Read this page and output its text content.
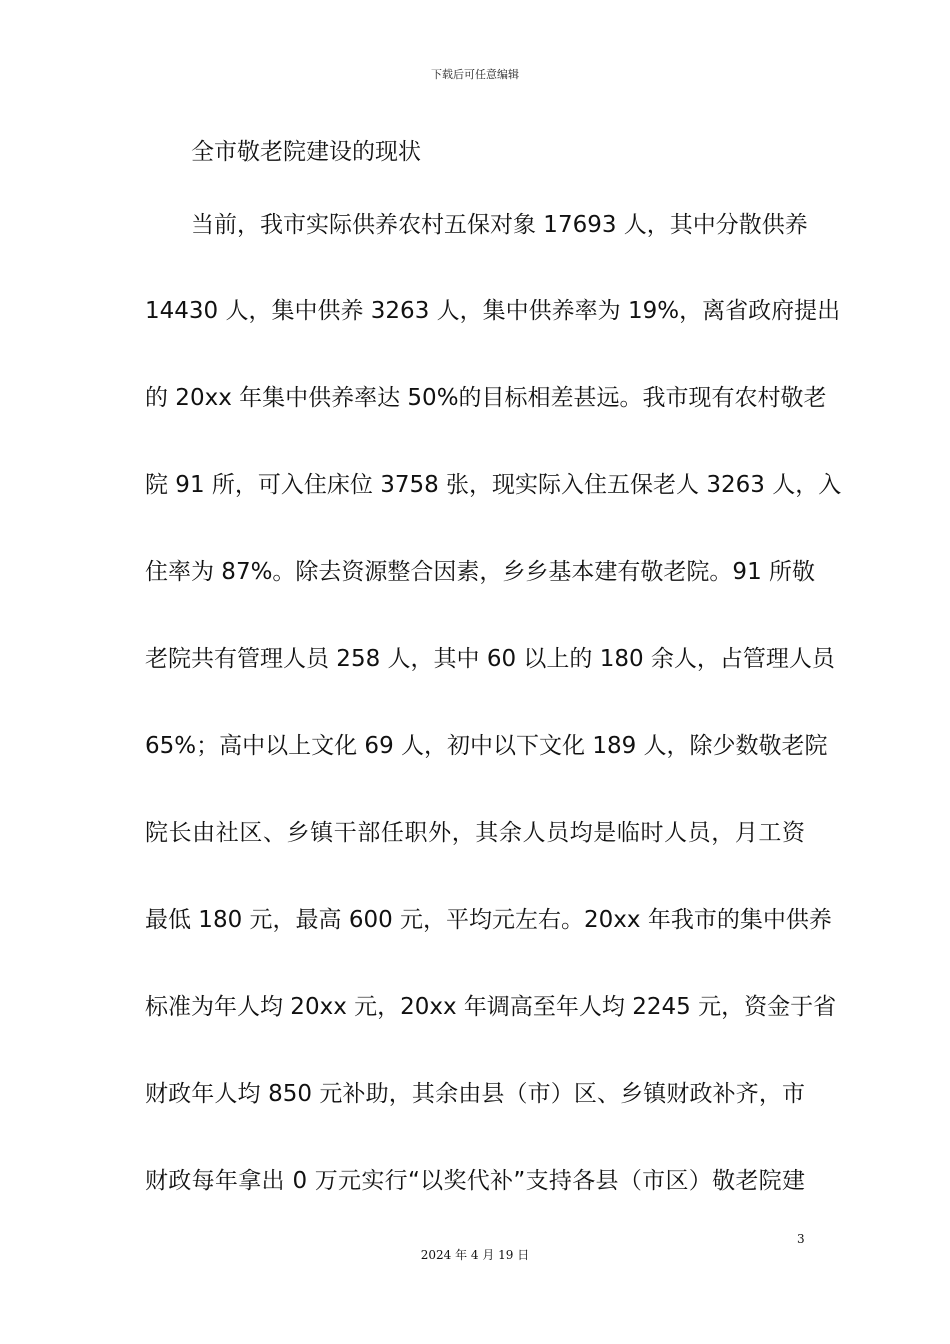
下载后可任意编辑
全市敬老院建设的现状
当前，我市实际供养农村五保对象 17693 人，其中分散供养
14430 人，集中供养 3263 人，集中供养率为 19%，离省政府提出
的 20xx 年集中供养率达 50%的目标相差甚远。我市现有农村敬老
院 91 所，可入住床位 3758 张，现实际入住五保老人 3263 人，入
住率为 87%。除去资源整合因素，乡乡基本建有敬老院。91 所敬
老院共有管理人员 258 人，其中 60 以上的 180 余人，占管理人员
65%；高中以上文化 69 人，初中以下文化 189 人，除少数敬老院
院长由社区、乡镇干部任职外，其余人员均是临时人员，月工资
最低 180 元，最高 600 元，平均元左右。20xx 年我市的集中供养
标准为年人均 20xx 元，20xx 年调高至年人均 2245 元，资金于省
财政年人均 850 元补助，其余由县（市）区、乡镇财政补齐，市
财政每年拿出 0 万元实行“以奖代补”支持各县（市区）敬老院建
3
2024 年 4 月 19 日
